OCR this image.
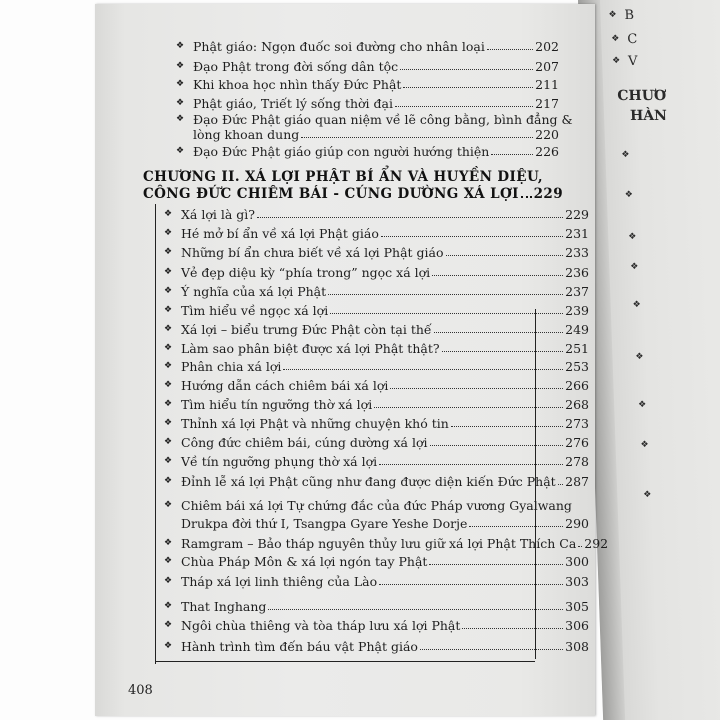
❖ B
❖ C
❖ V
CHƯƠ
HÀN
❖
❖
❖
❖
❖
❖
❖
❖
❖
❖ Phật giáo: Ngọn đuốc soi đường cho nhân loại	202
❖ Đạo Phật trong đời sống dân tộc	207
❖ Khi khoa học nhìn thấy Đức Phật	211
❖ Phật giáo, Triết lý sống thời đại	217
❖ Đạo Đức Phật giáo quan niệm về lẽ công bằng, bình đẳng &
lòng khoan dung	220
❖ Đạo Đức Phật giáo giúp con người hướng thiện	226
CHƯƠNG II. XÁ LỢI PHẬT BÍ ẨN VÀ HUYỀN DIỆU,
CÔNG ĐỨC CHIÊM BÁI - CÚNG DƯỜNG XÁ LỢI 229
❖ Xá lợi là gì?	229
❖ Hé mở bí ẩn về xá lợi Phật giáo	231
❖ Những bí ẩn chưa biết về xá lợi Phật giáo	233
❖ Vẻ đẹp diệu kỳ “phía trong” ngọc xá lợi	236
❖ Ý nghĩa của xá lợi Phật	237
❖ Tìm hiểu về ngọc xá lợi	239
❖ Xá lợi – biểu trưng Đức Phật còn tại thế	249
❖ Làm sao phân biệt được xá lợi Phật thật?	251
❖ Phân chia xá lợi	253
❖ Hướng dẫn cách chiêm bái xá lợi	266
❖ Tìm hiểu tín ngưỡng thờ xá lợi	268
❖ Thỉnh xá lợi Phật và những chuyện khó tin	273
❖ Công đức chiêm bái, cúng dường xá lợi	276
❖ Về tín ngưỡng phụng thờ xá lợi	278
❖ Đỉnh lễ xá lợi Phật cũng như đang được diện kiến Đức Phật 287
❖ Chiêm bái xá lợi Tự chứng đắc của đức Pháp vương Gyalwang
Drukpa đời thứ I, Tsangpa Gyare Yeshe Dorje	290
❖ Ramgram – Bảo tháp nguyên thủy lưu giữ xá lợi Phật Thích Ca 292
❖ Chùa Pháp Môn & xá lợi ngón tay Phật	300
❖ Tháp xá lợi linh thiêng của Lào	303
❖ That Inghang	305
❖ Ngôi chùa thiêng và tòa tháp lưu xá lợi Phật	306
❖ Hành trình tìm đến báu vật Phật giáo	308
408
